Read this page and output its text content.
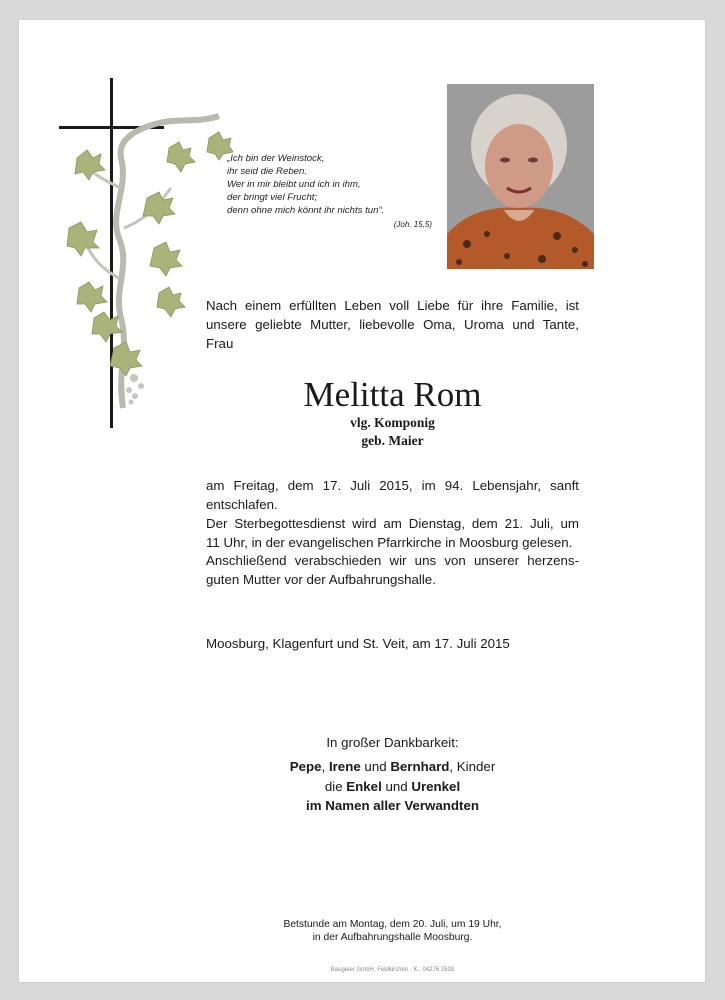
„Ich bin der Weinstock,
ihr seid die Reben.
Wer in mir bleibt und ich in ihm,
der bringt viel Frucht;
denn ohne mich könnt ihr nichts tun“.
(Joh. 15,5)
Nach einem erfüllten Leben voll Liebe für ihre Familie, ist
unsere geliebte Mutter, liebevolle Oma, Uroma und Tante,
Frau
Melitta Rom
vlg. Komponig
geb. Maier
am Freitag, dem 17. Juli 2015, im 94. Lebensjahr, sanft
entschlafen.
Der Sterbegottesdienst wird am Dienstag, dem 21. Juli, um
11 Uhr, in der evangelischen Pfarrkirche in Moosburg gelesen.
Anschließend verabschieden wir uns von unserer herzens-
guten Mutter vor der Aufbahrungshalle.
Moosburg, Klagenfurt und St. Veit, am 17. Juli 2015
In großer Dankbarkeit:
Pepe, Irene und Bernhard, Kinder
die Enkel und Urenkel
im Namen aller Verwandten
Betstunde am Montag, dem 20. Juli, um 19 Uhr,
in der Aufbahrungshalle Moosburg.
Baugeier GmbH, Feldkirchen - K., 04276 2538
